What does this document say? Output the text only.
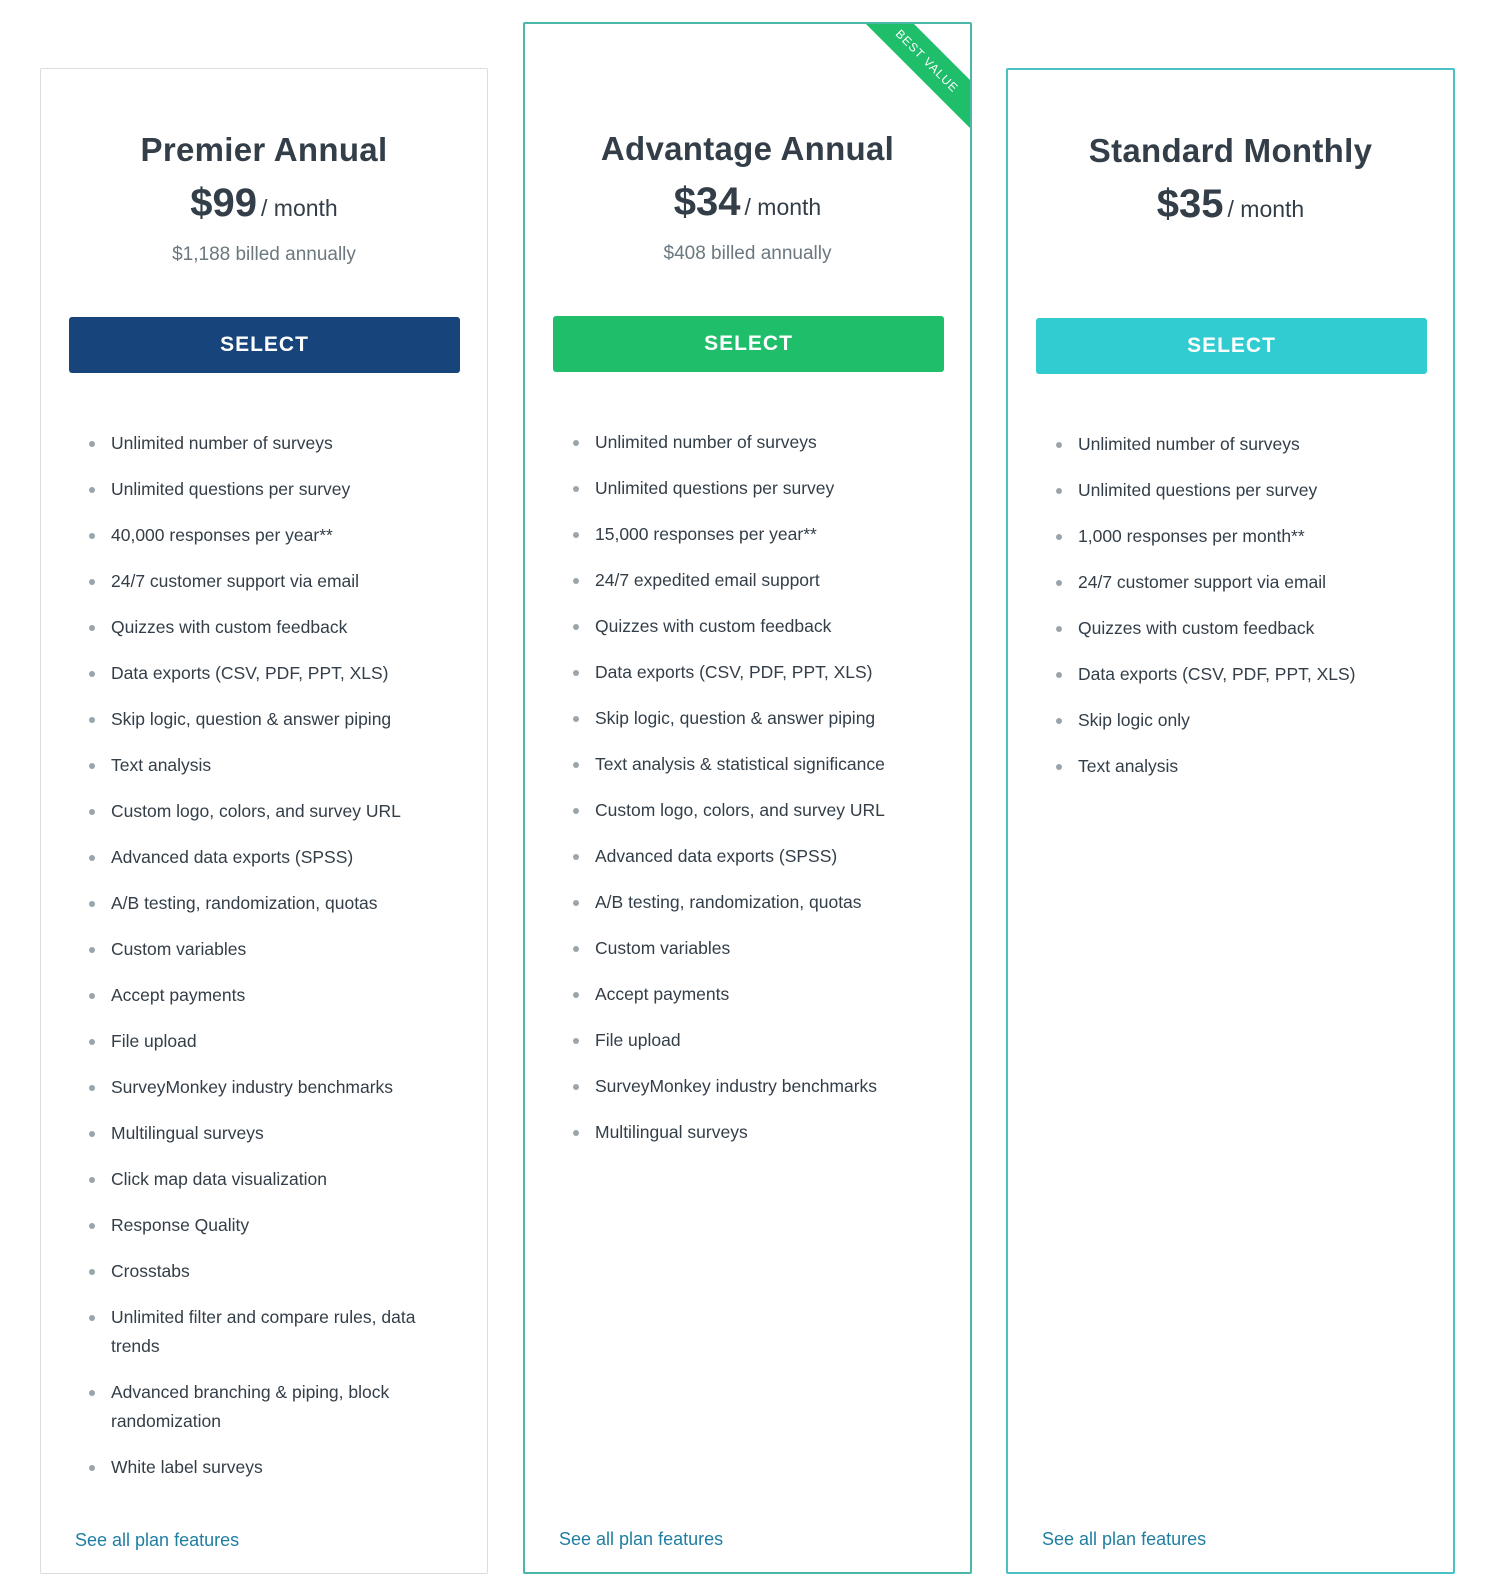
Premier Annual
$99 / month
$1,188 billed annually
SELECT
Unlimited number of surveys
Unlimited questions per survey
40,000 responses per year**
24/7 customer support via email
Quizzes with custom feedback
Data exports (CSV, PDF, PPT, XLS)
Skip logic, question & answer piping
Text analysis
Custom logo, colors, and survey URL
Advanced data exports (SPSS)
A/B testing, randomization, quotas
Custom variables
Accept payments
File upload
SurveyMonkey industry benchmarks
Multilingual surveys
Click map data visualization
Response Quality
Crosstabs
Unlimited filter and compare rules, data trends
Advanced branching & piping, block randomization
White label surveys
See all plan features
BEST VALUE
Advantage Annual
$34 / month
$408 billed annually
SELECT
Unlimited number of surveys
Unlimited questions per survey
15,000 responses per year**
24/7 expedited email support
Quizzes with custom feedback
Data exports (CSV, PDF, PPT, XLS)
Skip logic, question & answer piping
Text analysis & statistical significance
Custom logo, colors, and survey URL
Advanced data exports (SPSS)
A/B testing, randomization, quotas
Custom variables
Accept payments
File upload
SurveyMonkey industry benchmarks
Multilingual surveys
See all plan features
Standard Monthly
$35 / month
SELECT
Unlimited number of surveys
Unlimited questions per survey
1,000 responses per month**
24/7 customer support via email
Quizzes with custom feedback
Data exports (CSV, PDF, PPT, XLS)
Skip logic only
Text analysis
See all plan features
